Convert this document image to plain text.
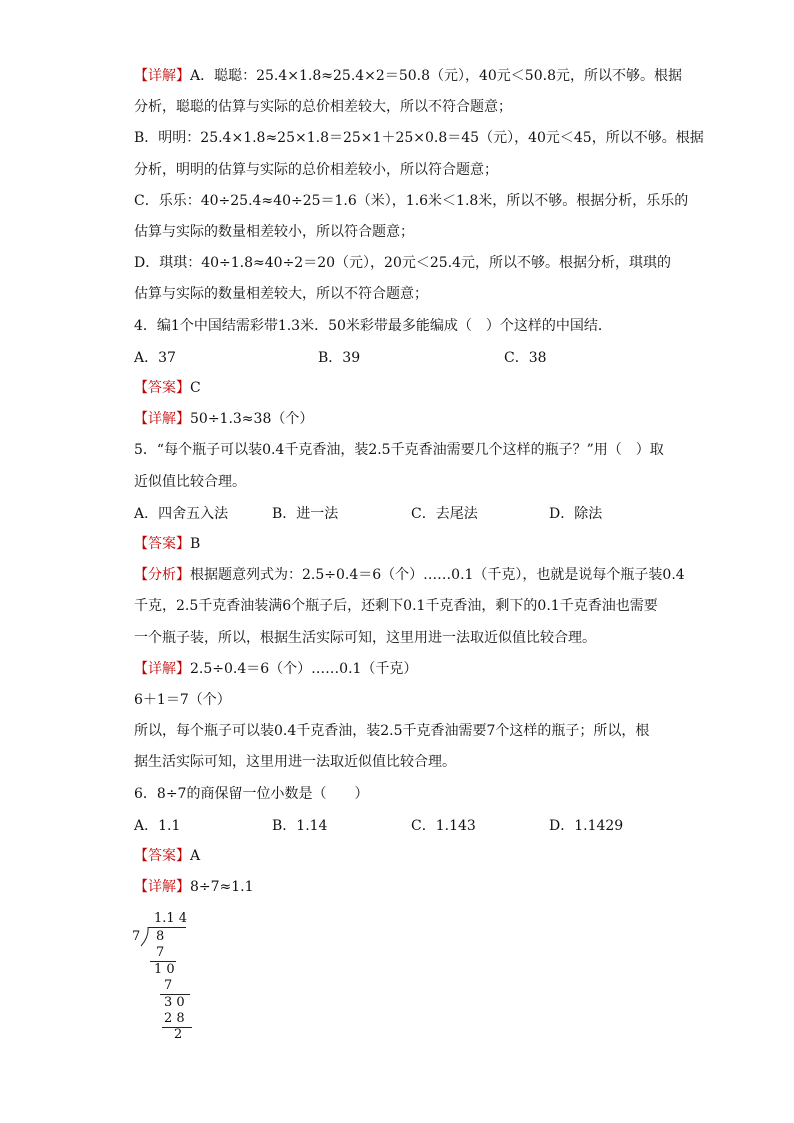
【详解】A．聪聪：25.4×1.8≈25.4×2＝50.8（元），40元＜50.8元，所以不够。根据
分析，聪聪的估算与实际的总价相差较大，所以不符合题意；
B．明明：25.4×1.8≈25×1.8＝25×1＋25×0.8＝45（元），40元＜45，所以不够。根据
分析，明明的估算与实际的总价相差较小，所以符合题意；
C．乐乐：40÷25.4≈40÷25＝1.6（米），1.6米＜1.8米，所以不够。根据分析，乐乐的
估算与实际的数量相差较小，所以符合题意；
D．琪琪：40÷1.8≈40÷2＝20（元），20元＜25.4元，所以不够。根据分析，琪琪的
估算与实际的数量相差较大，所以不符合题意；
4．编1个中国结需彩带1.3米．50米彩带最多能编成（　）个这样的中国结．
【答案】C
【详解】50÷1.3≈38（个）
5．“每个瓶子可以装0.4千克香油，装2.5千克香油需要几个这样的瓶子？”用（　）取
近似值比较合理。
【答案】B
【分析】根据题意列式为：2.5÷0.4＝6（个）……0.1（千克），也就是说每个瓶子装0.4
千克，2.5千克香油装满6个瓶子后，还剩下0.1千克香油，剩下的0.1千克香油也需要
一个瓶子装，所以，根据生活实际可知，这里用进一法取近似值比较合理。
【详解】2.5÷0.4＝6（个）……0.1（千克）
6＋1＝7（个）
所以，每个瓶子可以装0.4千克香油，装2.5千克香油需要7个这样的瓶子；所以，根
据生活实际可知，这里用进一法取近似值比较合理。
6．8÷7的商保留一位小数是（　　）
【答案】A
【详解】8÷7≈1.1
A．37	B．39	C．38
A．四舍五入法	B．进一法	C．去尾法	D．除法
A．1.1	B．1.14	C．1.143	D．1.1429
1.1 4
7 8
7
1 0
7
3 0
2 8
2
